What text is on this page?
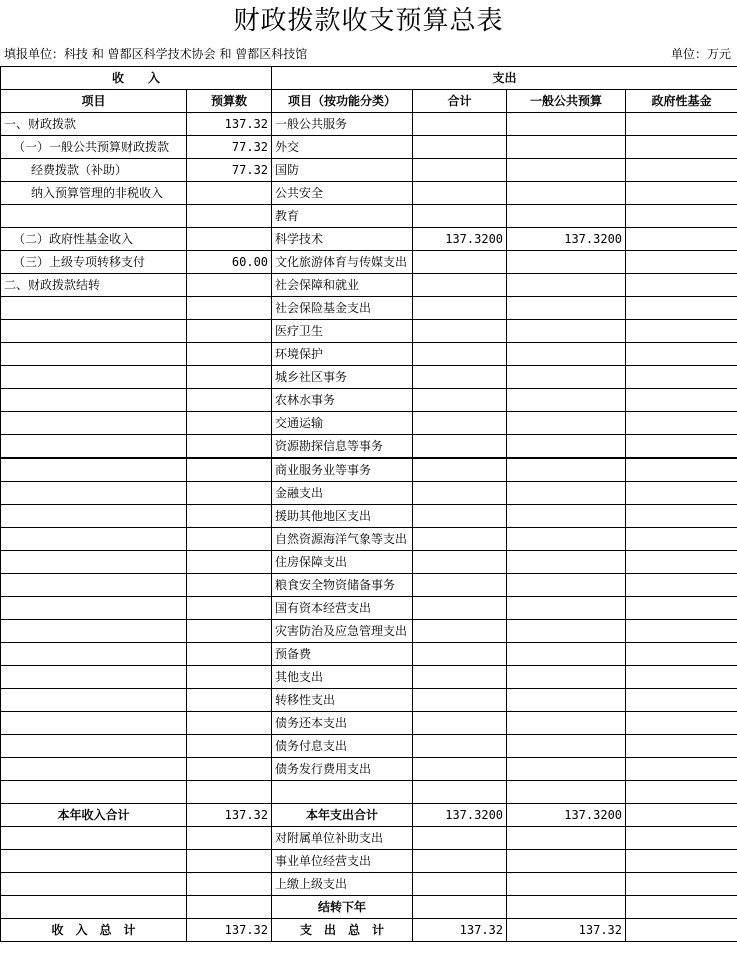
财政拨款收支预算总表
填报单位：科技 和 曾都区科学技术协会 和 曾都区科技馆	单位：万元
收　　入		支出			
项目	预算数	项目（按功能分类）	合计	一般公共预算	政府性基金
一、财政拨款	137.32	一般公共服务			
（一）一般公共预算财政拨款	77.32	外交			
经费拨款（补助）	77.32	国防			
纳入预算管理的非税收入		公共安全			
		教育			
（二）政府性基金收入		科学技术	137.3200	137.3200	
（三）上级专项转移支付	60.00	文化旅游体育与传媒支出			
二、财政拨款结转		社会保障和就业			
		社会保险基金支出			
		医疗卫生			
		环境保护			
		城乡社区事务			
		农林水事务			
		交通运输			
		资源勘探信息等事务			
		商业服务业等事务			
		金融支出			
		援助其他地区支出			
		自然资源海洋气象等支出			
		住房保障支出			
		粮食安全物资储备事务			
		国有资本经营支出			
		灾害防治及应急管理支出			
		预备费			
		其他支出			
		转移性支出			
		债务还本支出			
		债务付息支出			
		债务发行费用支出			

本年收入合计	137.32	本年支出合计	137.3200	137.3200	
		对附属单位补助支出			
		事业单位经营支出			
		上缴上级支出			
		结转下年			
收　入　总　计	137.32	支　出　总　计	137.32	137.32	
